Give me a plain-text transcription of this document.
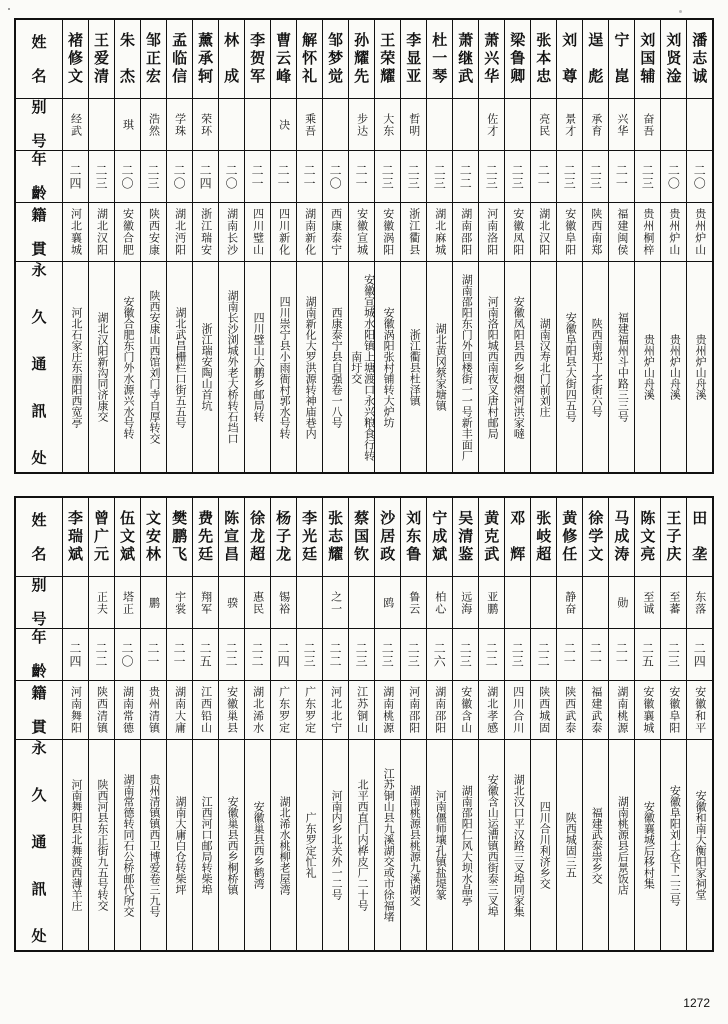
姓　名	褚修文	王爱清	朱　杰	邹正宏	孟临信	薰承轲	林　成	李贺军	曹云峰	解怀礼	邹梦觉	孙耀先	王荣耀	李显亚	杜一琴	萧继武	萧兴华	梁鲁卿	张本忠	刘　尊	逞　彪	宁　崑	刘国辅	刘贤淦	潘志诚

别　号	经武		琪	浩然	学珠	荣环			决	乘吾		步达	大东	哲明			佐才		亮民	景才	承育	兴华	奋吾		

年　齡	二四	二三	二〇	二三	二〇	二四	二〇	二一	二一	二一	二〇	二一	二三	二三	二三	二二	二三	二三	二一	二三	二三	二一	二三	二〇	二〇

籍　貫	河北襄城	湖北汉阳	安徽合肥	陕西安康	湖北沔阳	浙江瑞安	湖南长沙	四川璧山	四川新化	湖南新化	西康泰宁	安徽宣城	安徽涡阳	浙江衢县	湖北麻城	湖南邵阳	河南洛阳	安徽凤阳	湖北汉阳	安徽阜阳	陕西南郑	福建闽侯	贵州桐梓	贵州炉山	贵州炉山

永 久 通 訊 处	河北石家庄东丽阳西宽亭	湖北汉阳新沟同济康交	安徽合肥东门外水源兴水号转	陕西安康山西馆刘门寺自厚转交	湖北武昌栅栏口街五五号	浙江瑞安陶山首坑	湖南长沙浏城外老大桥转石垱口	四川璧山大鹏乡邮局转	四川崇宁县小雨衙村郭水号转	湖南新化大罗洪源转神庙巷内	西康泰宁县自强卷一八号	安徽宣城水阳镇上塘渡口永兴粮食行转南圩交	安徽涡阳张村铺转大炉坊	浙江衢县杜泽镇	湖北黄冈蔡家塘镇	湖南邵阳东门外回楼街一一号新丰面厂	河南洛阳城西南夜叉唐村邮局	安徽凤阳县西乡烟熠河洪家噠	湖南汉寿北门前刘庄	安徽阜阳县大街四五号	陕西南郑丁字街六号	福建福州斗中路三三号	贵州炉山舟溪	贵州炉山舟溪	贵州炉山舟溪
姓　名	李瑞斌	曾广元	伍文斌	文安林	樊鹏飞	费先廷	陈宣昌	徐龙超	杨子龙	李光廷	张志耀	蔡国钦	沙居政	刘东鲁	宁成斌	吴清鉴	黄克武	邓　辉	张岐超	黄修任	徐学文	马成涛	陈文亮	王子庆	田　垄

别　号		正夫	塔正	鹏	宇裳	翔军	骙	惠民	锡裕		之一		鸥	鲁云	柏心	远海	亚鹏			静奋		勋	至诚	至蕃	东落

年　齡	二四	二二	二〇	二一	二一	二五	二二	二二	二四	二三	二二	二三	二三	二三	二六	二三	二二	二三	二二	二一	二一	二一	二五	二三	二四

籍　貫	河南舞阳	陕西清镇	湖南常德	贵州清镇	湖南大庸	江西铅山	安徽巢县	湖北浠水	广东罗定	广东罗定	河北北宁	江苏铜山	湖南桃源	河南邵阳	湖南邵阳	安徽含山	湖北孝感	四川合川	陕西城固	陕西武泰	福建武泰	湖南桃源	安徽襄城	安徽阜阳	安徽和平

永 久 通 訊 处	河南舞阳县北舞渡西薄羊庄	陕西河县东正街九五号转交	湖南常德转同石公桥邮代所交	贵州清镇镇西卫博爱卷三九号	湖南大庸白仓转柴坪	江西河口邮局转柴埠	安徽巢县西乡桐桥镇	安徽巢县西乡鹤湾	湖北浠水桃柳老屋湾	广东罗定忙礼	河南内乡北关外一二号	北平西直门内桦皮厂二十号	江苏铜山县九溪湖交或市徐福堵	湖南桃源县桃源九溪湖交	河南僵师壤孔镇盐堤篆	湖南邵阳仁风大坝水晶亭	安徽含山运漕镇西街泰三叉埠	湖北汉口平汉路三叉埠同家集	四川合川利济乡交	陕西城固三五	福建武泰崇乡交	湖南桃源县后景饭店	安徽襄城后移村集	安徽阜阳刘士仓下二三号	安徽和南大衡阳家祠堂
1272
